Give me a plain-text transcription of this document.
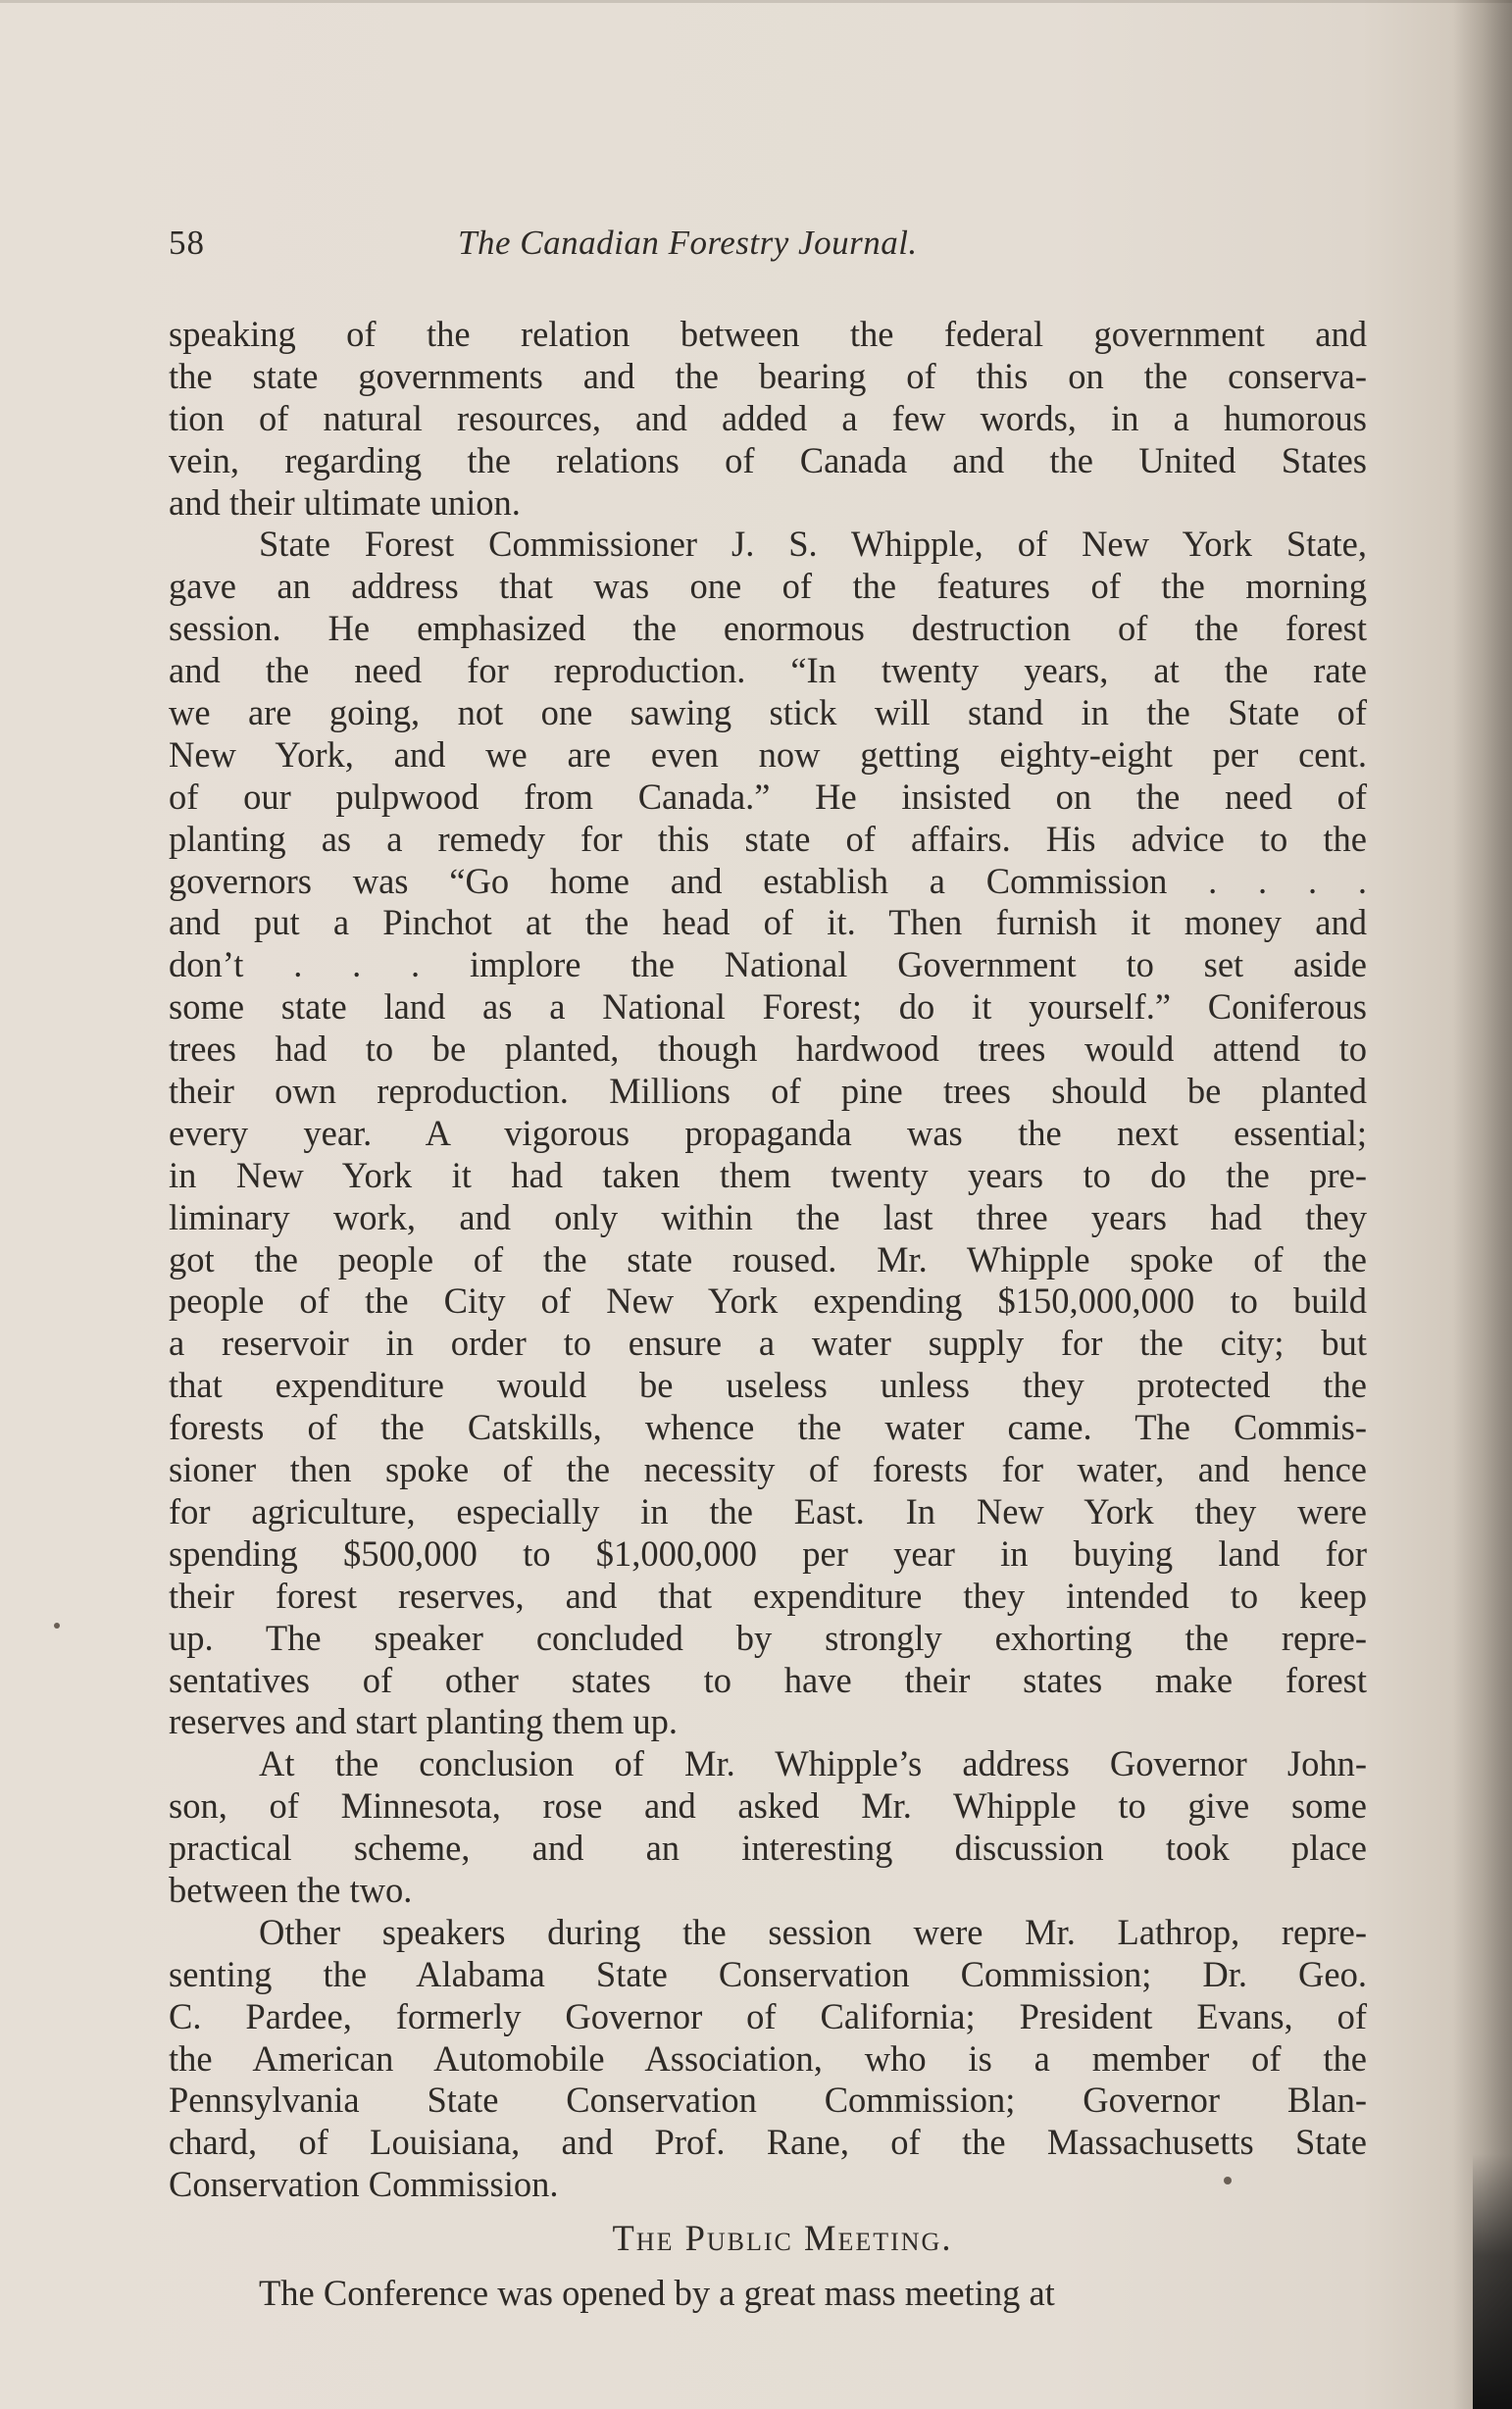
58	The Canadian Forestry Journal.
speaking of the relation between the federal government and
the state governments and the bearing of this on the conserva-
tion of natural resources, and added a few words, in a humorous
vein, regarding the relations of Canada and the United States
and their ultimate union.
State Forest Commissioner J. S. Whipple, of New York State,
gave an address that was one of the features of the morning
session. He emphasized the enormous destruction of the forest
and the need for reproduction. “In twenty years, at the rate
we are going, not one sawing stick will stand in the State of
New York, and we are even now getting eighty-eight per cent.
of our pulpwood from Canada.” He insisted on the need of
planting as a remedy for this state of affairs. His advice to the
governors was “Go home and establish a Commission . . . .
and put a Pinchot at the head of it. Then furnish it money and
don’t . . . implore the National Government to set aside
some state land as a National Forest; do it yourself.” Coniferous
trees had to be planted, though hardwood trees would attend to
their own reproduction. Millions of pine trees should be planted
every year. A vigorous propaganda was the next essential;
in New York it had taken them twenty years to do the pre-
liminary work, and only within the last three years had they
got the people of the state roused. Mr. Whipple spoke of the
people of the City of New York expending $150,000,000 to build
a reservoir in order to ensure a water supply for the city; but
that expenditure would be useless unless they protected the
forests of the Catskills, whence the water came. The Commis-
sioner then spoke of the necessity of forests for water, and hence
for agriculture, especially in the East. In New York they were
spending $500,000 to $1,000,000 per year in buying land for
their forest reserves, and that expenditure they intended to keep
up. The speaker concluded by strongly exhorting the repre-
sentatives of other states to have their states make forest
reserves and start planting them up.
At the conclusion of Mr. Whipple’s address Governor John-
son, of Minnesota, rose and asked Mr. Whipple to give some
practical scheme, and an interesting discussion took place
between the two.
Other speakers during the session were Mr. Lathrop, repre-
senting the Alabama State Conservation Commission; Dr. Geo.
C. Pardee, formerly Governor of California; President Evans, of
the American Automobile Association, who is a member of the
Pennsylvania State Conservation Commission; Governor Blan-
chard, of Louisiana, and Prof. Rane, of the Massachusetts State
Conservation Commission.
The Public Meeting.
The Conference was opened by a great mass meeting at
